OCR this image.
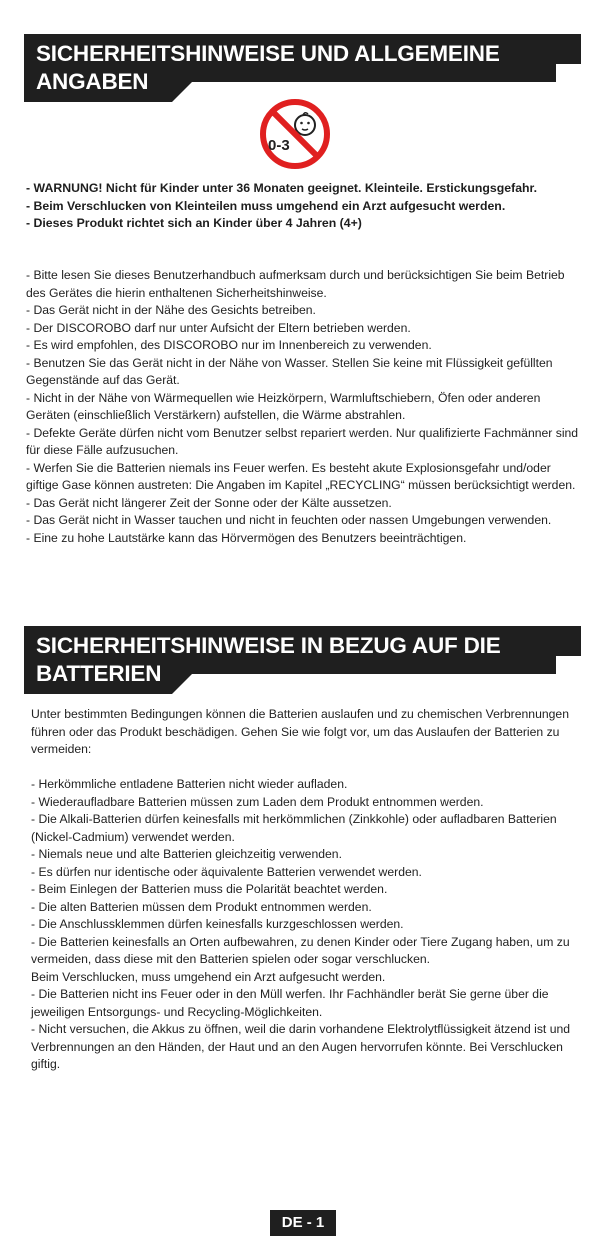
SICHERHEITSHINWEISE UND ALLGEMEINE
ANGABEN
0-3
- WARNUNG! Nicht für Kinder unter 36 Monaten geeignet. Kleinteile. Erstickungsgefahr.
- Beim Verschlucken von Kleinteilen muss umgehend ein Arzt aufgesucht werden.
- Dieses Produkt richtet sich an Kinder über 4 Jahren (4+)
- Bitte lesen Sie dieses Benutzerhandbuch aufmerksam durch und berücksichtigen Sie beim Betrieb des Gerätes die hierin enthaltenen Sicherheitshinweise.
- Das Gerät nicht in der Nähe des Gesichts betreiben.
- Der DISCOROBO darf nur unter Aufsicht der Eltern betrieben werden.
- Es wird empfohlen, des DISCOROBO nur im Innenbereich zu verwenden.
- Benutzen Sie das Gerät nicht in der Nähe von Wasser. Stellen Sie keine mit Flüssigkeit gefüllten Gegenstände auf das Gerät.
- Nicht in der Nähe von Wärmequellen wie Heizkörpern, Warmluftschiebern, Öfen oder anderen Geräten (einschließlich Verstärkern) aufstellen, die Wärme abstrahlen.
- Defekte Geräte dürfen nicht vom Benutzer selbst repariert werden. Nur qualifizierte Fachmänner sind für diese Fälle aufzusuchen.
- Werfen Sie die Batterien niemals ins Feuer werfen. Es besteht akute Explosionsgefahr und/oder giftige Gase können austreten: Die Angaben im Kapitel „RECYCLING“ müssen berücksichtigt werden.
- Das Gerät nicht längerer Zeit der Sonne oder der Kälte aussetzen.
- Das Gerät nicht in Wasser tauchen und nicht in feuchten oder nassen Umgebungen verwenden.
- Eine zu hohe Lautstärke kann das Hörvermögen des Benutzers beeinträchtigen.
SICHERHEITSHINWEISE IN BEZUG AUF DIE
BATTERIEN
Unter bestimmten Bedingungen können die Batterien auslaufen und zu chemischen Verbrennungen führen oder das Produkt beschädigen. Gehen Sie wie folgt vor, um das Auslaufen der Batterien zu vermeiden:
- Herkömmliche entladene Batterien nicht wieder aufladen.
- Wiederaufladbare Batterien müssen zum Laden dem Produkt entnommen werden.
- Die Alkali-Batterien dürfen keinesfalls mit herkömmlichen (Zinkkohle) oder aufladbaren Batterien (Nickel-Cadmium) verwendet werden.
- Niemals neue und alte Batterien gleichzeitig verwenden.
- Es dürfen nur identische oder äquivalente Batterien verwendet werden.
- Beim Einlegen der Batterien muss die Polarität beachtet werden.
- Die alten Batterien müssen dem Produkt entnommen werden.
- Die Anschlussklemmen dürfen keinesfalls kurzgeschlossen werden.
- Die Batterien keinesfalls an Orten aufbewahren, zu denen Kinder oder Tiere Zugang haben, um zu vermeiden, dass diese mit den Batterien spielen oder sogar verschlucken.
Beim Verschlucken, muss umgehend ein Arzt aufgesucht werden.
- Die Batterien nicht ins Feuer oder in den Müll werfen. Ihr Fachhändler berät Sie gerne über die jeweiligen Entsorgungs- und Recycling-Möglichkeiten.
- Nicht versuchen, die Akkus zu öffnen, weil die darin vorhandene Elektrolytflüssigkeit ätzend ist und Verbrennungen an den Händen, der Haut und an den Augen hervorrufen könnte. Bei Verschlucken giftig.
DE - 1
